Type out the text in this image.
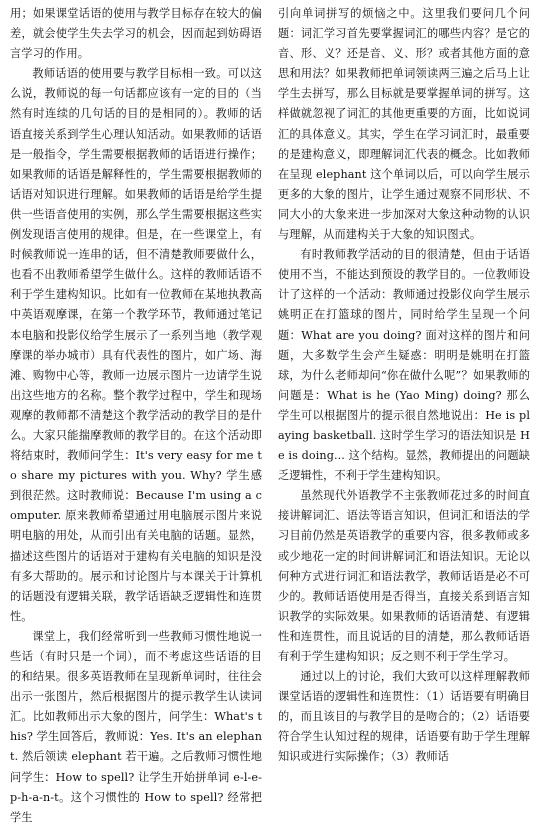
用；如果课堂话语的使用与教学目标存在较大的偏差，就会使学生失去学习的机会，因而起到妨碍语言学习的作用。

教师话语的使用要与教学目标相一致。可以这么说，教师说的每一句话都应该有一定的目的（当然有时连续的几句话的目的是相同的）。教师的话语直接关系到学生心理认知活动。如果教师的话语是一般指令，学生需要根据教师的话语进行操作；如果教师的话语是解释性的，学生需要根据教师的话语对知识进行理解。如果教师的话语是给学生提供一些语音使用的实例，那么学生需要根据这些实例发现语言使用的规律。但是，在一些课堂上，有时候教师说一连串的话，但不清楚教师要做什么，也看不出教师希望学生做什么。这样的教师话语不利于学生建构知识。比如有一位教师在某地执教高中英语观摩课，在第一个教学环节，教师通过笔记本电脑和投影仪给学生展示了一系列当地（教学观摩课的举办城市）具有代表性的图片，如广场、海滩、购物中心等，教师一边展示图片一边请学生说出这些地方的名称。整个教学过程中，学生和现场观摩的教师都不清楚这个教学活动的教学目的是什么。大家只能揣摩教师的教学目的。在这个活动即将结束时，教师问学生：It's very easy for me to share my pictures with you. Why? 学生感到很茫然。这时教师说：Because I'm using a computer. 原来教师希望通过用电脑展示图片来说明电脑的用处，从而引出有关电脑的话题。显然，描述这些图片的话语对于建构有关电脑的知识是没有多大帮助的。展示和讨论图片与本课关于计算机的话题没有逻辑关联，教学话语缺乏逻辑性和连贯性。

课堂上，我们经常听到一些教师习惯性地说一些话（有时只是一个词），而不考虑这些话语的目的和结果。很多英语教师在呈现新单词时，往往会出示一张图片，然后根据图片的提示教学生认读词汇。比如教师出示大象的图片，问学生：What's this? 学生回答后，教师说：Yes. It's an elephant. 然后领读 elephant 若干遍。之后教师习惯性地问学生：How to spell? 让学生开始拼单词 e-l-e-p-h-a-n-t。这个习惯性的 How to spell? 经常把学生

引向单词拼写的烦恼之中。这里我们要问几个问题：词汇学习首先要掌握词汇的哪些内容？是它的音、形、义？还是音、义、形？或者其他方面的意思和用法？如果教师把单词领读两三遍之后马上让学生去拼写，那么目标就是要掌握单词的拼写。这样做就忽视了词汇的其他更重要的方面，比如说词汇的具体意义。其实，学生在学习词汇时，最重要的是建构意义，即理解词汇代表的概念。比如教师在呈现 elephant 这个单词以后，可以向学生展示更多的大象的图片，让学生通过观察不同形状、不同大小的大象来进一步加深对大象这种动物的认识与理解，从而建构关于大象的知识图式。

有时教师教学活动的目的很清楚，但由于话语使用不当，不能达到预设的教学目的。一位教师设计了这样的一个活动：教师通过投影仪向学生展示姚明正在打篮球的图片，同时给学生呈现一个问题：What are you doing? 面对这样的图片和问题，大多数学生会产生疑惑：明明是姚明在打篮球，为什么老师却问“你在做什么呢”？如果教师的问题是：What is he (Yao Ming) doing? 那么学生可以根据图片的提示很自然地说出：He is playing basketball. 这时学生学习的语法知识是 He is doing... 这个结构。显然，教师提出的问题缺乏逻辑性，不利于学生建构知识。

虽然现代外语教学不主张教师花过多的时间直接讲解词汇、语法等语言知识，但词汇和语法的学习目前仍然是英语教学的重要内容，很多教师或多或少地花一定的时间讲解词汇和语法知识。无论以何种方式进行词汇和语法教学，教师话语是必不可少的。教师话语使用是否得当，直接关系到语言知识教学的实际效果。如果教师的话语清楚、有逻辑性和连贯性，而且说话的目的清楚，那么教师话语有利于学生建构知识；反之则不利于学生学习。

通过以上的讨论，我们大致可以这样理解教师课堂话语的逻辑性和连贯性：（1）话语要有明确目的，而且该目的与教学目的是吻合的；（2）话语要符合学生认知过程的规律，话语要有助于学生理解知识或进行实际操作；（3）教师话
